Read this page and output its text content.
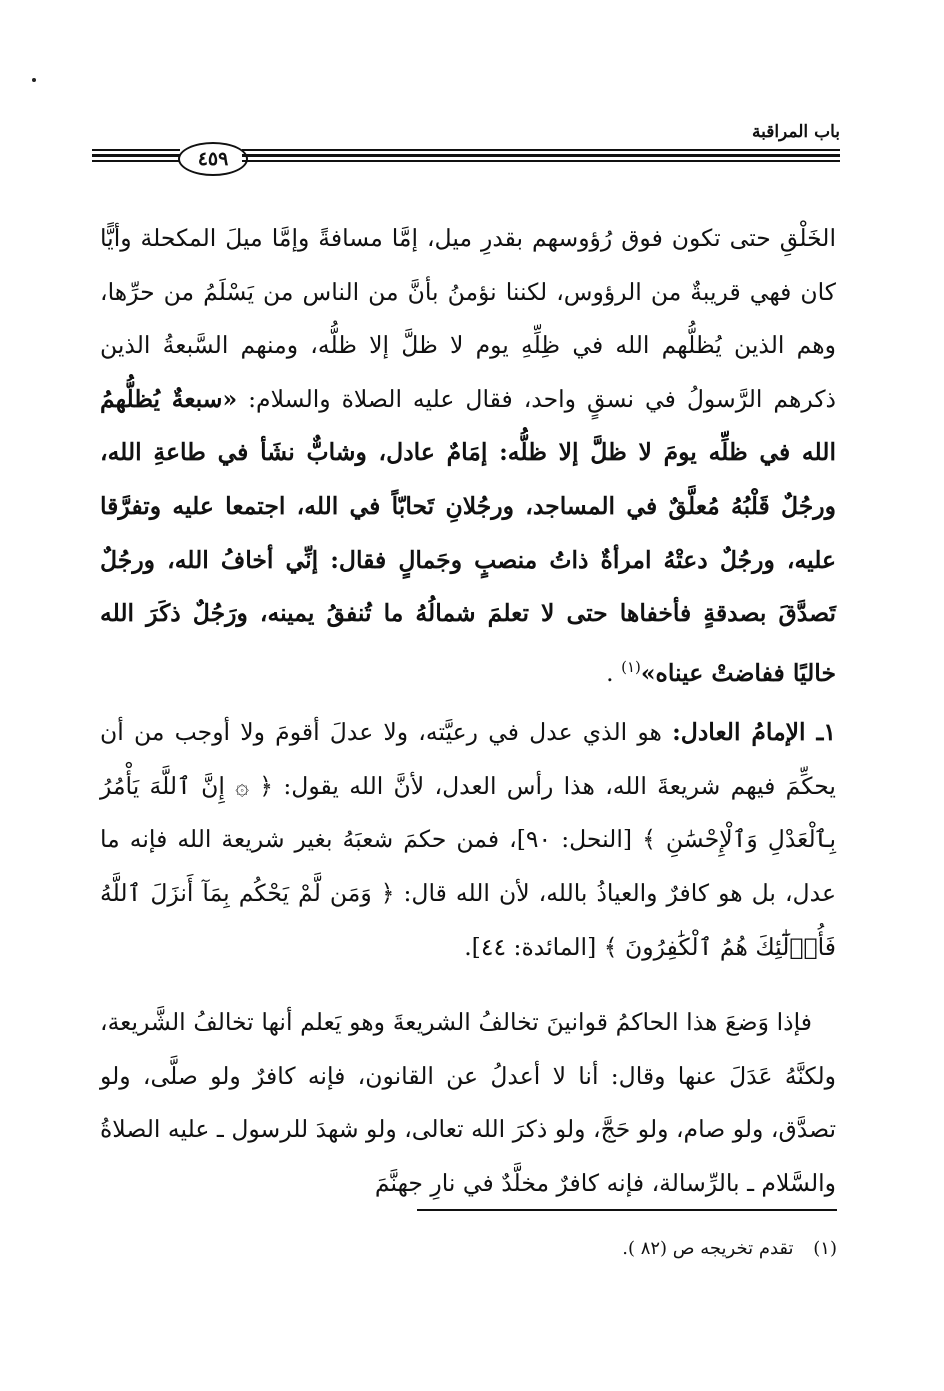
باب المراقبة
٤٥٩

الخَلْقِ حتى تكون فوق رُؤوسهم بقدرِ ميل، إمَّا مسافةً وإمَّا ميلَ المكحلة وأيًّا كان فهي قريبةٌ من الرؤوس، لكننا نؤمنُ بأنَّ من الناس من يَسْلَمُ من حرِّها، وهم الذين يُظلُّهم الله في ظِلِّهِ يوم لا ظلَّ إلا ظلُّه، ومنهم السَّبعةُ الذين ذكرهم الرَّسولُ في نسقٍ واحد، فقال عليه الصلاة والسلام: «سبعةٌ يُظلُّهمُ الله في ظلِّه يومَ لا ظلَّ إلا ظلُّه: إمَامٌ عادل، وشابٌّ نشَأ في طاعةِ الله، ورجُلٌ قَلْبُهُ مُعلَّقٌ في المساجد، ورجُلانِ تَحابّاً في الله، اجتمعا عليه وتفرَّقا عليه، ورجُلٌ دعتْهُ امرأةٌ ذاتُ منصبٍ وجَمالٍ فقال: إنِّي أخافُ الله، ورجُلٌ تَصدَّقَ بصدقةٍ فأخفاها حتى لا تعلمَ شمالُهُ ما تُنفقُ يمينه، ورَجُلٌ ذكَرَ الله خاليًا ففاضتْ عيناه»$^{(١)}$ .

١ـ الإمامُ العادل: هو الذي عدل في رعيَّته، ولا عدلَ أقومَ ولا أوجب من أن يحكِّمَ فيهم شريعةَ الله، هذا رأس العدل، لأنَّ الله يقول: ﴿ ۞ إِنَّ ٱللَّهَ يَأْمُرُ بِٱلْعَدْلِ وَٱلْإِحْسَٰنِ ﴾ [النحل: ٩٠]، فمن حكمَ شعبَهُ بغير شريعة الله فإنه ما عدل، بل هو كافرٌ والعياذُ بالله، لأن الله قال: ﴿ وَمَن لَّمْ يَحْكُم بِمَآ أَنزَلَ ٱللَّهُ فَأُو۟لَٰٓئِكَ هُمُ ٱلْكَٰفِرُونَ ﴾ [المائدة: ٤٤].

فإذا وَضعَ هذا الحاكمُ قوانينَ تخالفُ الشريعةَ وهو يَعلم أنها تخالفُ الشَّريعة، ولكنَّهُ عَدَلَ عنها وقال: أنا لا أعدلُ عن القانون، فإنه كافرٌ ولو صلَّى، ولو تصدَّق، ولو صام، ولو حَجَّ، ولو ذكرَ الله تعالى، ولو شهدَ للرسول ـ عليه الصلاةُ والسَّلام ـ بالرِّسالة، فإنه كافرٌ مخلَّدٌ في نارِ جهنَّمَ

(١) تقدم تخريجه ص (٨٢ ).
